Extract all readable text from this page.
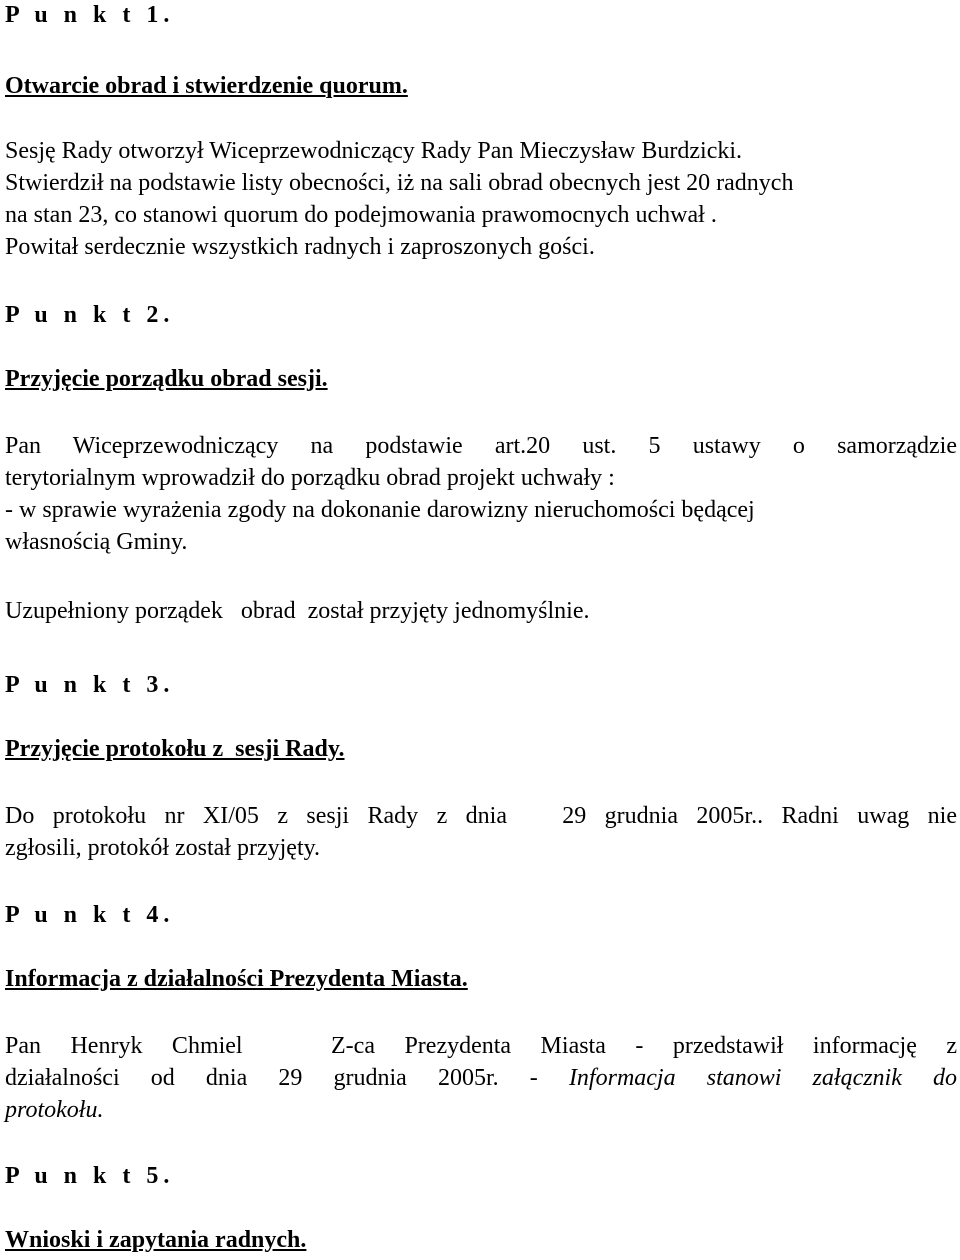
P u n k t 1.
Otwarcie obrad i stwierdzenie quorum.
Sesję Rady otworzył Wiceprzewodniczący Rady Pan Mieczysław Burdzicki.
Stwierdził na podstawie listy obecności, iż na sali obrad obecnych jest 20 radnych
na stan 23, co stanowi quorum do podejmowania prawomocnych uchwał .
Powitał serdecznie wszystkich radnych i zaproszonych gości.
P u n k t 2.
Przyjęcie porządku obrad sesji.
Pan Wiceprzewodniczący na podstawie art.20 ust. 5 ustawy o samorządzie
terytorialnym wprowadził do porządku obrad projekt uchwały :
- w sprawie wyrażenia zgody na dokonanie darowizny nieruchomości będącej
własnością Gminy.
Uzupełniony porządek   obrad  został przyjęty jednomyślnie.
P u n k t 3.
Przyjęcie protokołu z  sesji Rady.
Do protokołu nr XI/05 z sesji Rady z dnia   29 grudnia 2005r.. Radni uwag nie
zgłosili, protokół został przyjęty.
P u n k t 4.
Informacja z działalności Prezydenta Miasta.
Pan Henryk Chmiel   Z-ca Prezydenta Miasta - przedstawił informację z
działalności od dnia 29 grudnia 2005r. - Informacja stanowi załącznik do
protokołu.
P u n k t 5.
Wnioski i zapytania radnych.
